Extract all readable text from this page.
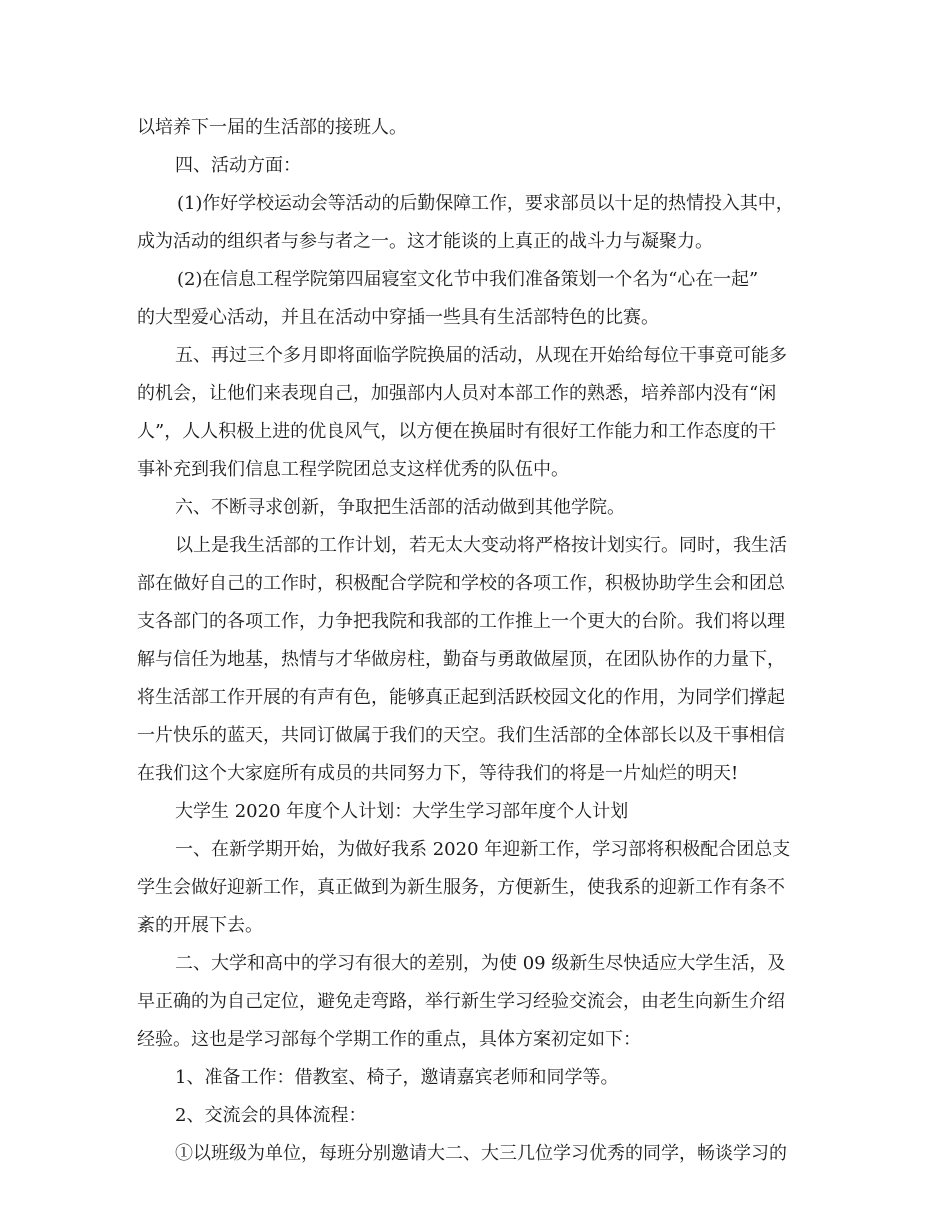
以培养下一届的生活部的接班人。
四、活动方面：
(1)作好学校运动会等活动的后勤保障工作，要求部员以十足的热情投入其中，
成为活动的组织者与参与者之一。这才能谈的上真正的战斗力与凝聚力。
(2)在信息工程学院第四届寝室文化节中我们准备策划一个名为“心在一起”
的大型爱心活动，并且在活动中穿插一些具有生活部特色的比赛。
五、再过三个多月即将面临学院换届的活动，从现在开始给每位干事竟可能多
的机会，让他们来表现自己，加强部内人员对本部工作的熟悉，培养部内没有“闲
人”，人人积极上进的优良风气，以方便在换届时有很好工作能力和工作态度的干
事补充到我们信息工程学院团总支这样优秀的队伍中。
六、不断寻求创新，争取把生活部的活动做到其他学院。
以上是我生活部的工作计划，若无太大变动将严格按计划实行。同时，我生活
部在做好自己的工作时，积极配合学院和学校的各项工作，积极协助学生会和团总
支各部门的各项工作，力争把我院和我部的工作推上一个更大的台阶。我们将以理
解与信任为地基，热情与才华做房柱，勤奋与勇敢做屋顶，在团队协作的力量下，
将生活部工作开展的有声有色，能够真正起到活跃校园文化的作用，为同学们撑起
一片快乐的蓝天，共同订做属于我们的天空。我们生活部的全体部长以及干事相信
在我们这个大家庭所有成员的共同努力下，等待我们的将是一片灿烂的明天!
大学生 2020 年度个人计划：大学生学习部年度个人计划
一、在新学期开始，为做好我系 2020 年迎新工作，学习部将积极配合团总支
学生会做好迎新工作，真正做到为新生服务，方便新生，使我系的迎新工作有条不
紊的开展下去。
二、大学和高中的学习有很大的差别，为使 09 级新生尽快适应大学生活，及
早正确的为自己定位，避免走弯路，举行新生学习经验交流会，由老生向新生介绍
经验。这也是学习部每个学期工作的重点，具体方案初定如下：
1、准备工作：借教室、椅子，邀请嘉宾老师和同学等。
2、交流会的具体流程：
①以班级为单位，每班分别邀请大二、大三几位学习优秀的同学，畅谈学习的
